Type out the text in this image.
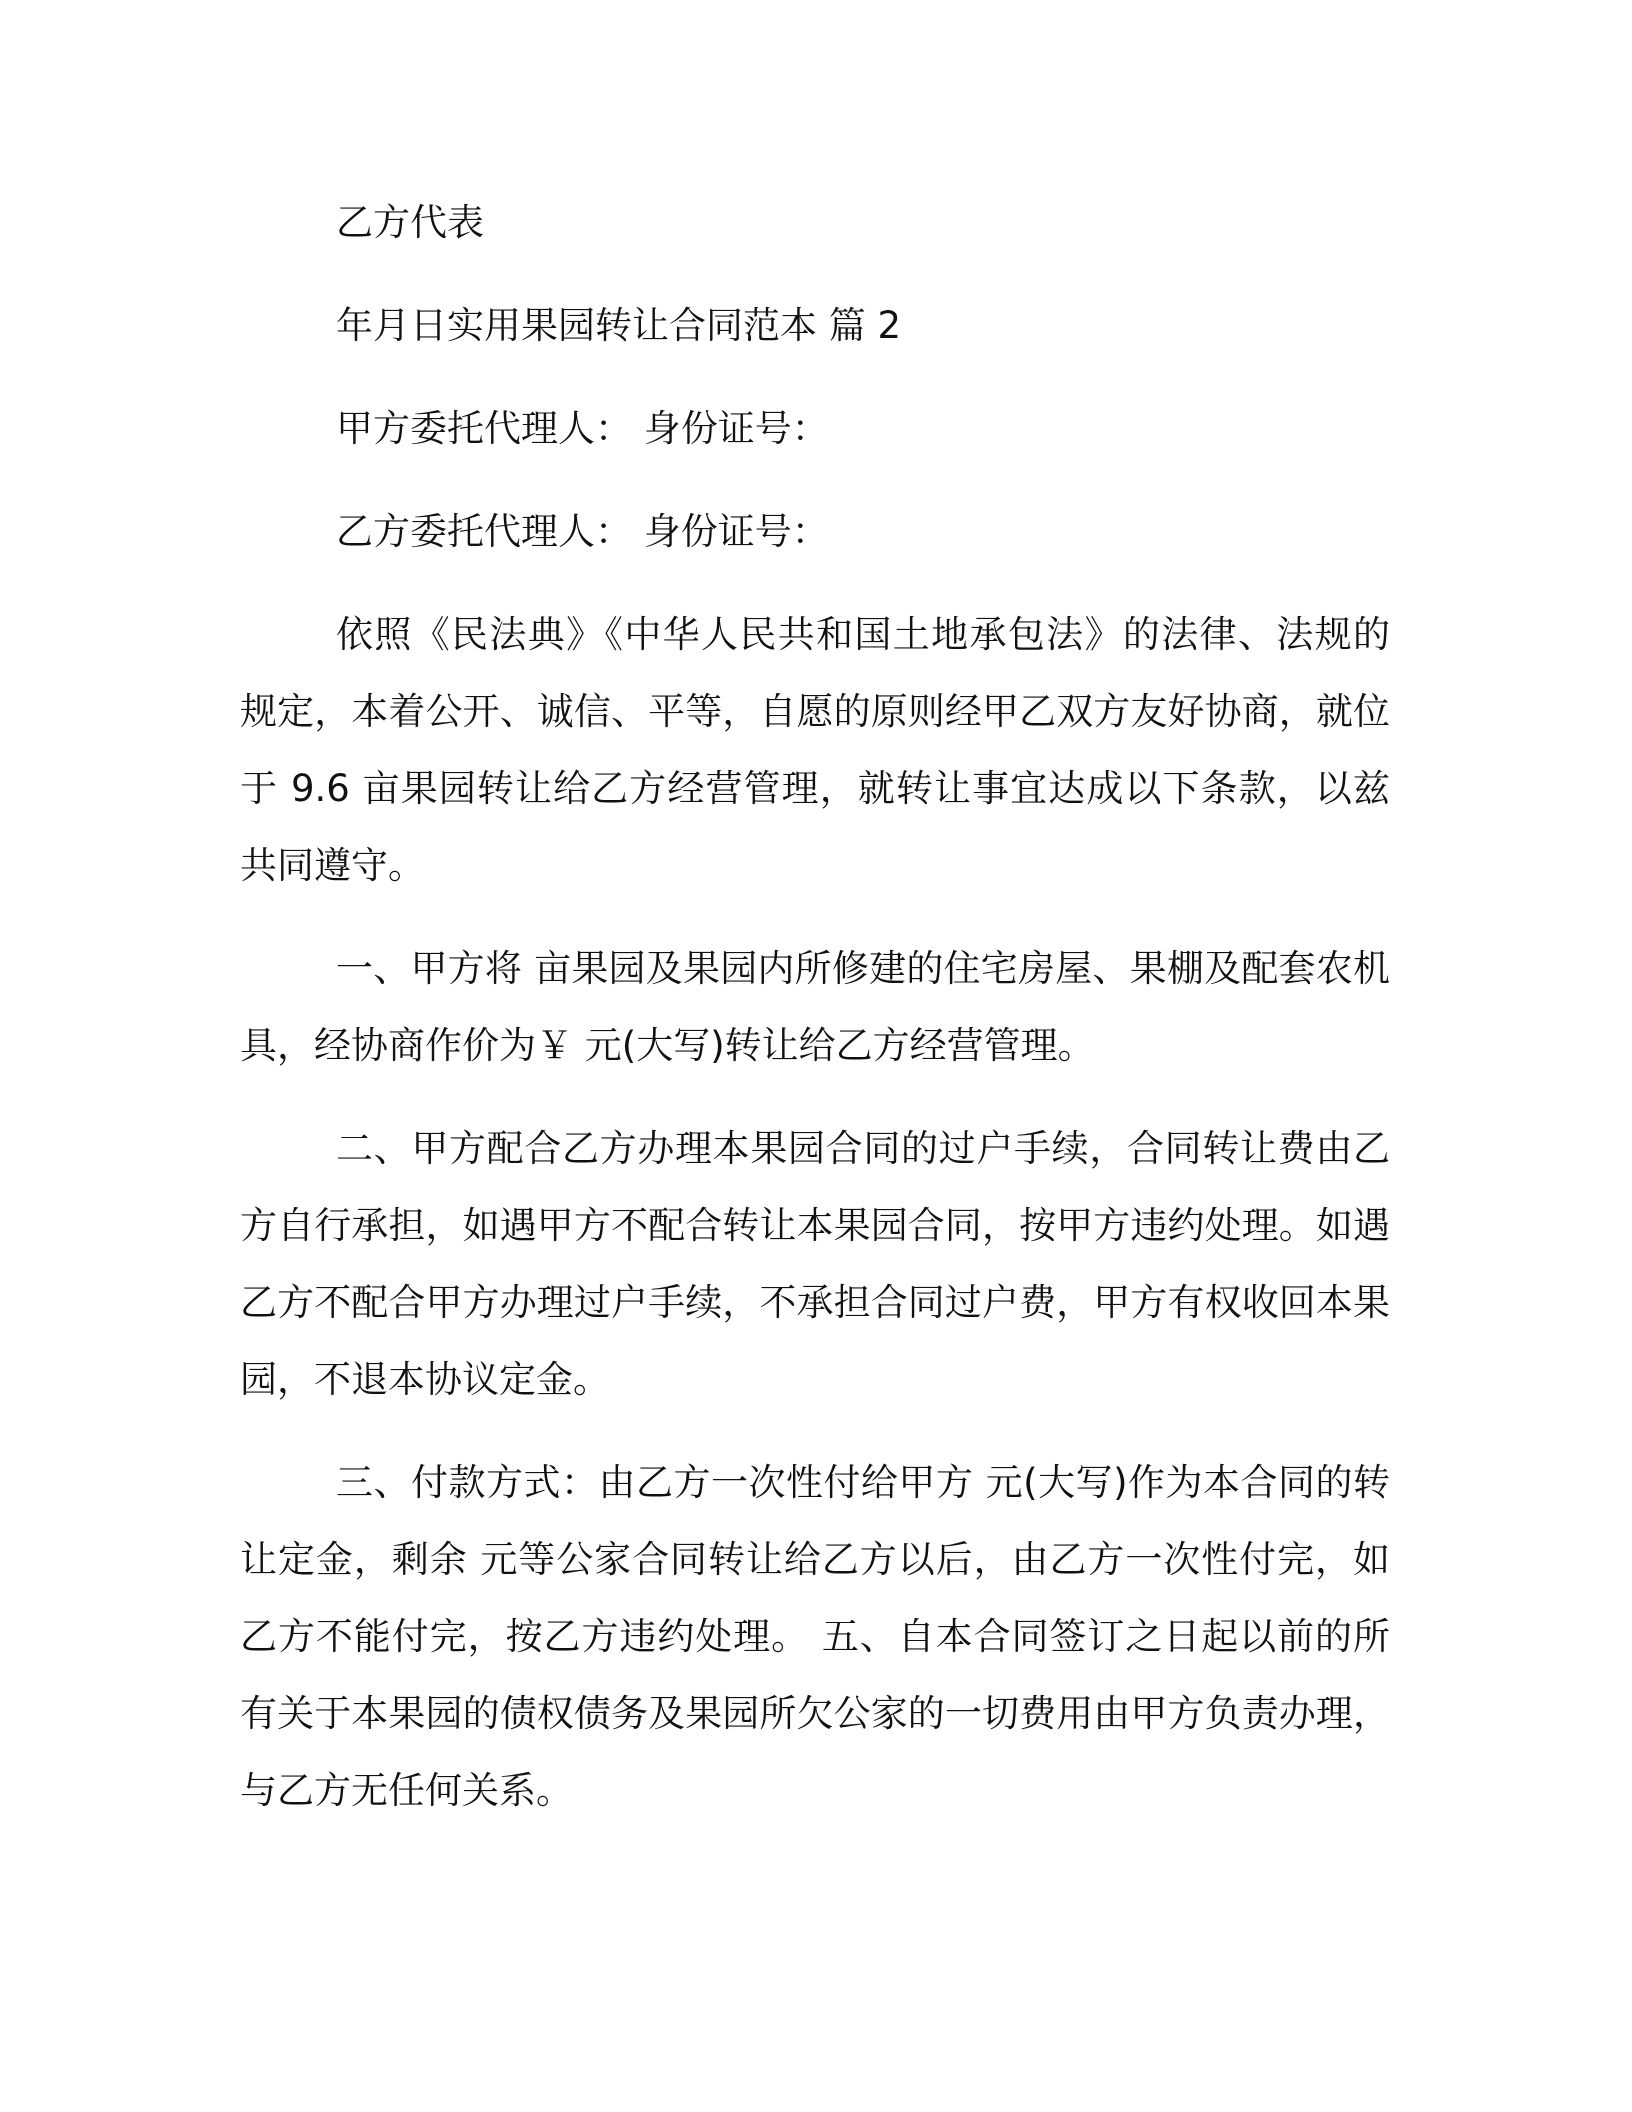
乙方代表

年月日实用果园转让合同范本 篇 2

甲方委托代理人： 身份证号：

乙方委托代理人： 身份证号：

依照《民法典》《中华人民共和国土地承包法》的法律、法规的规定，本着公开、诚信、平等，自愿的原则经甲乙双方友好协商，就位于 9.6 亩果园转让给乙方经营管理，就转让事宜达成以下条款，以兹共同遵守。

一、甲方将 亩果园及果园内所修建的住宅房屋、果棚及配套农机具，经协商作价为￥ 元(大写)转让给乙方经营管理。

二、甲方配合乙方办理本果园合同的过户手续，合同转让费由乙方自行承担，如遇甲方不配合转让本果园合同，按甲方违约处理。如遇乙方不配合甲方办理过户手续，不承担合同过户费，甲方有权收回本果园，不退本协议定金。

三、付款方式：由乙方一次性付给甲方 元(大写)作为本合同的转让定金，剩余 元等公家合同转让给乙方以后，由乙方一次性付完，如乙方不能付完，按乙方违约处理。 五、自本合同签订之日起以前的所有关于本果园的债权债务及果园所欠公家的一切费用由甲方负责办理，与乙方无任何关系。
